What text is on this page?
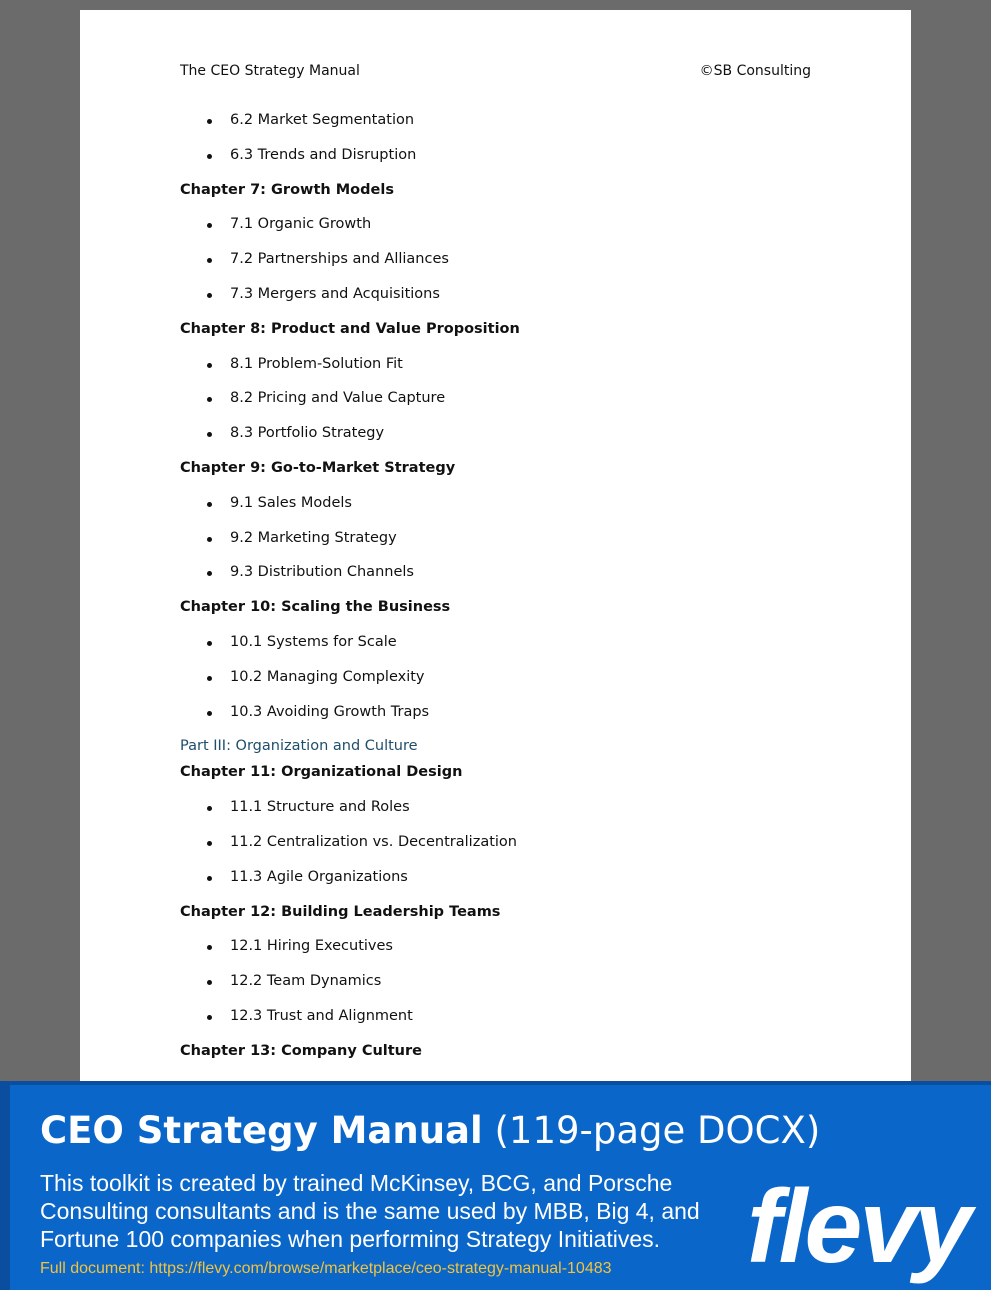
The CEO Strategy Manual	©SB Consulting
6.2 Market Segmentation
6.3 Trends and Disruption
Chapter 7: Growth Models
7.1 Organic Growth
7.2 Partnerships and Alliances
7.3 Mergers and Acquisitions
Chapter 8: Product and Value Proposition
8.1 Problem-Solution Fit
8.2 Pricing and Value Capture
8.3 Portfolio Strategy
Chapter 9: Go-to-Market Strategy
9.1 Sales Models
9.2 Marketing Strategy
9.3 Distribution Channels
Chapter 10: Scaling the Business
10.1 Systems for Scale
10.2 Managing Complexity
10.3 Avoiding Growth Traps
Part III: Organization and Culture
Chapter 11: Organizational Design
11.1 Structure and Roles
11.2 Centralization vs. Decentralization
11.3 Agile Organizations
Chapter 12: Building Leadership Teams
12.1 Hiring Executives
12.2 Team Dynamics
12.3 Trust and Alignment
Chapter 13: Company Culture
CEO Strategy Manual (119-page DOCX)
This toolkit is created by trained McKinsey, BCG, and Porsche Consulting consultants and is the same used by MBB, Big 4, and Fortune 100 companies when performing Strategy Initiatives.
Full document: https://flevy.com/browse/marketplace/ceo-strategy-manual-10483 flevy
